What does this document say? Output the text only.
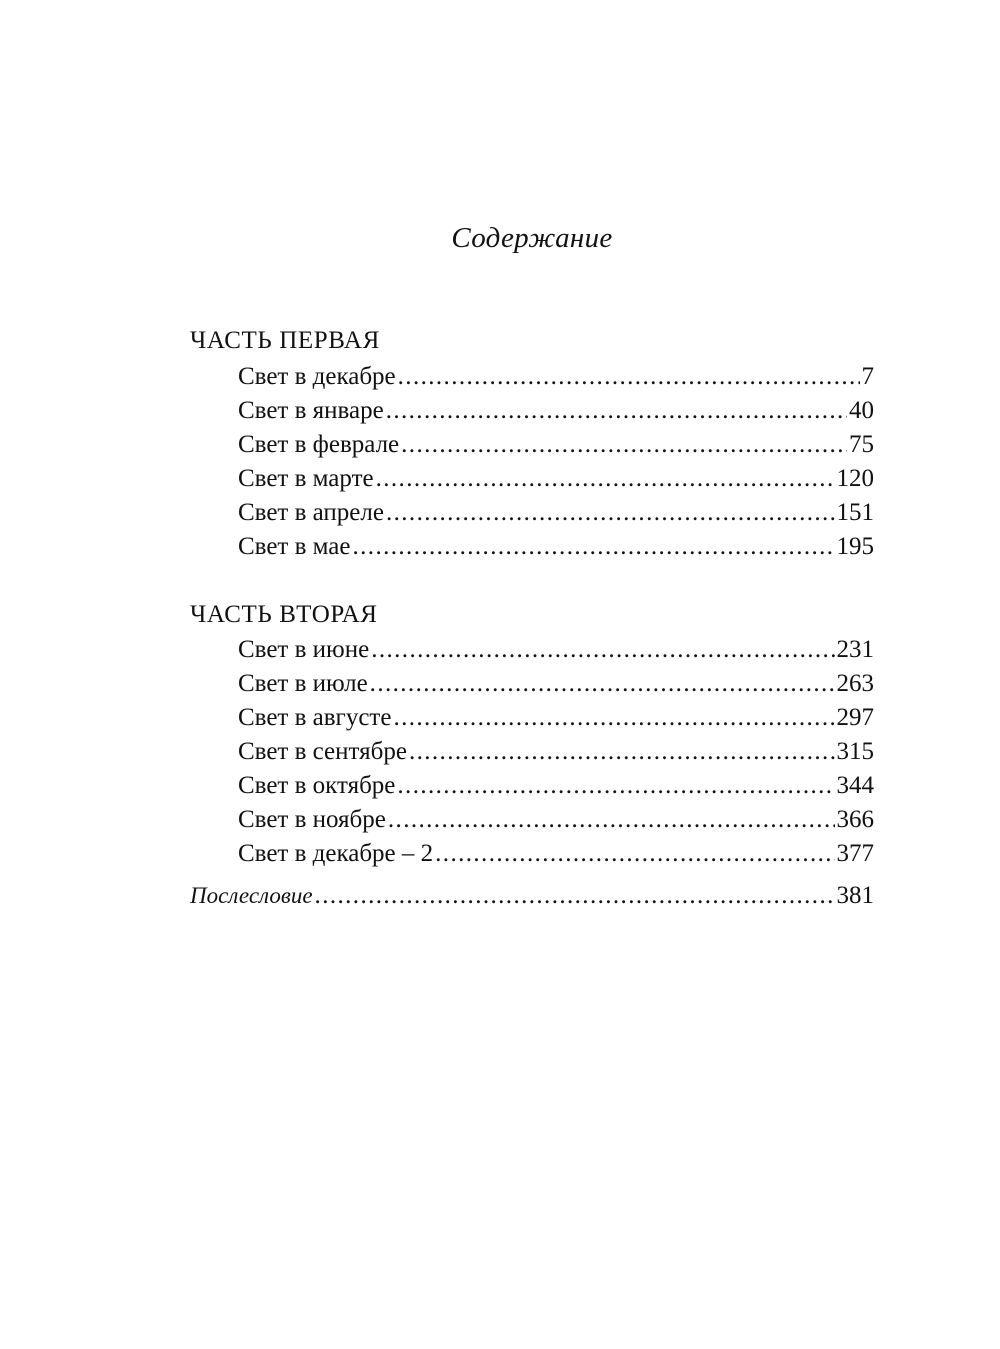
Содержание
ЧАСТЬ ПЕРВАЯ
Свет в декабре .....	7
Свет в январе .....	40
Свет в феврале .....	75
Свет в марте .....	120
Свет в апреле .....	151
Свет в мае .....	195
ЧАСТЬ ВТОРАЯ
Свет в июне .....	231
Свет в июле .....	263
Свет в августе .....	297
Свет в сентябре .....	315
Свет в октябре .....	344
Свет в ноябре .....	366
Свет в декабре – 2 .....	377
Послесловие .....	381
